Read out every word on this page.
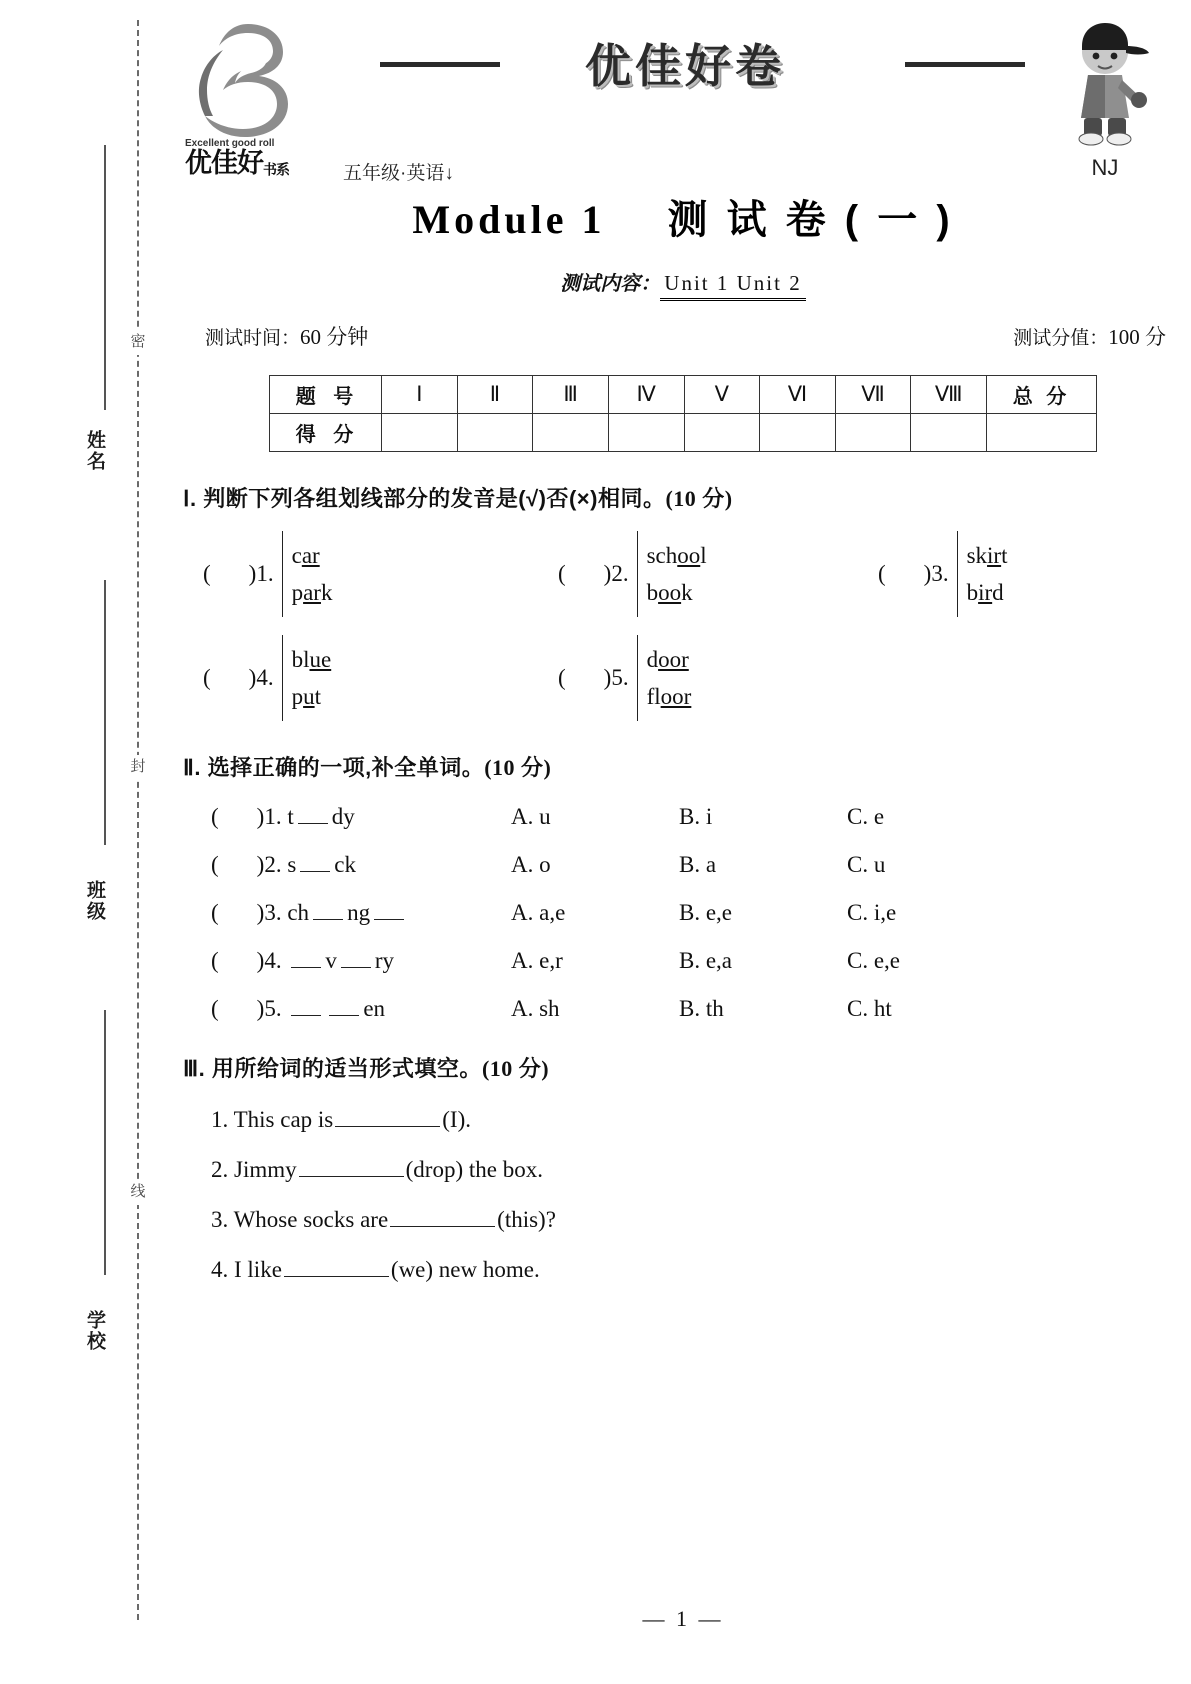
密
封
线
姓名
班级
学校
Excellent good roll
优佳好书系	五年级·英语↓
优佳好卷
NJ
Module 1 测 试 卷 ( 一 )
测试内容： Unit 1 Unit 2
测试时间：60 分钟	测试分值：100 分
题 号	Ⅰ	Ⅱ	Ⅲ	Ⅳ	Ⅴ	Ⅵ	Ⅶ	Ⅷ	总 分
得 分									
Ⅰ. 判断下列各组划线部分的发音是(√)否(×)相同。(10 分)
( ) 1.
car
park
( ) 2.
school
book
( ) 3.
skirt
bird
( ) 4.
blue
put
( ) 5.
door
floor
Ⅱ. 选择正确的一项,补全单词。(10 分)
( )1. t dy	A. u	B. i	C. e
( )2. s ck	A. o	B. a	C. u
( )3. ch ng	A. a,e	B. e,e	C. i,e
( )4. v ry	A. e,r	B. e,a	C. e,e
( )5.	en	A. sh	B. th	C. ht
Ⅲ. 用所给词的适当形式填空。(10 分)
1. This cap is	(I).
2. Jimmy	(drop) the box.
3. Whose socks are	(this)?
4. I like	(we) new home.
— 1 —
